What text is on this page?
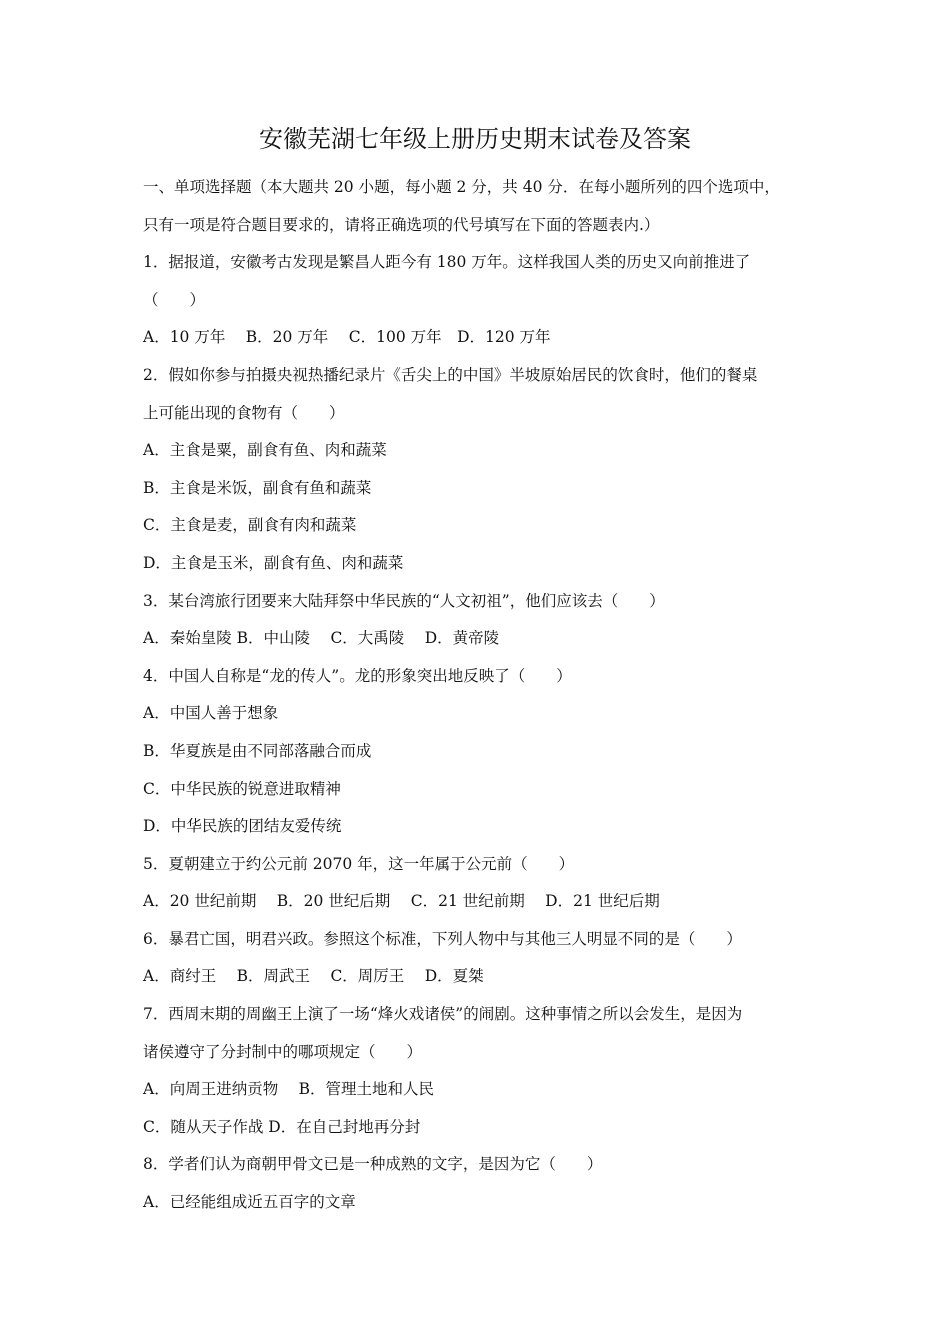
安徽芜湖七年级上册历史期末试卷及答案

一、单项选择题（本大题共 20 小题，每小题 2 分，共 40 分．在每小题所列的四个选项中，

只有一项是符合题目要求的，请将正确选项的代号填写在下面的答题表内.）

1．据报道，安徽考古发现是繁昌人距今有 180 万年。这样我国人类的历史又向前推进了

（　　）

A．10 万年　 B．20 万年　 C．100 万年　D．120 万年

2．假如你参与拍摄央视热播纪录片《舌尖上的中国》半坡原始居民的饮食时，他们的餐桌

上可能出现的食物有（　　）

A．主食是粟，副食有鱼、肉和蔬菜

B．主食是米饭，副食有鱼和蔬菜

C．主食是麦，副食有肉和蔬菜

D．主食是玉米，副食有鱼、肉和蔬菜

3．某台湾旅行团要来大陆拜祭中华民族的“人文初祖”，他们应该去（　　）

A．秦始皇陵 B．中山陵　 C．大禹陵　 D．黄帝陵

4．中国人自称是“龙的传人”。龙的形象突出地反映了（　　）

A．中国人善于想象

B．华夏族是由不同部落融合而成

C．中华民族的锐意进取精神

D．中华民族的团结友爱传统

5．夏朝建立于约公元前 2070 年，这一年属于公元前（　　）

A．20 世纪前期　 B．20 世纪后期　 C．21 世纪前期　 D．21 世纪后期

6．暴君亡国，明君兴政。参照这个标准，下列人物中与其他三人明显不同的是（　　）

A．商纣王　 B．周武王　 C．周厉王　 D．夏桀

7．西周末期的周幽王上演了一场“烽火戏诸侯”的闹剧。这种事情之所以会发生，是因为

诸侯遵守了分封制中的哪项规定（　　）

A．向周王进纳贡物　 B．管理土地和人民

C．随从天子作战 D．在自己封地再分封

8．学者们认为商朝甲骨文已是一种成熟的文字，是因为它（　　）

A．已经能组成近五百字的文章
